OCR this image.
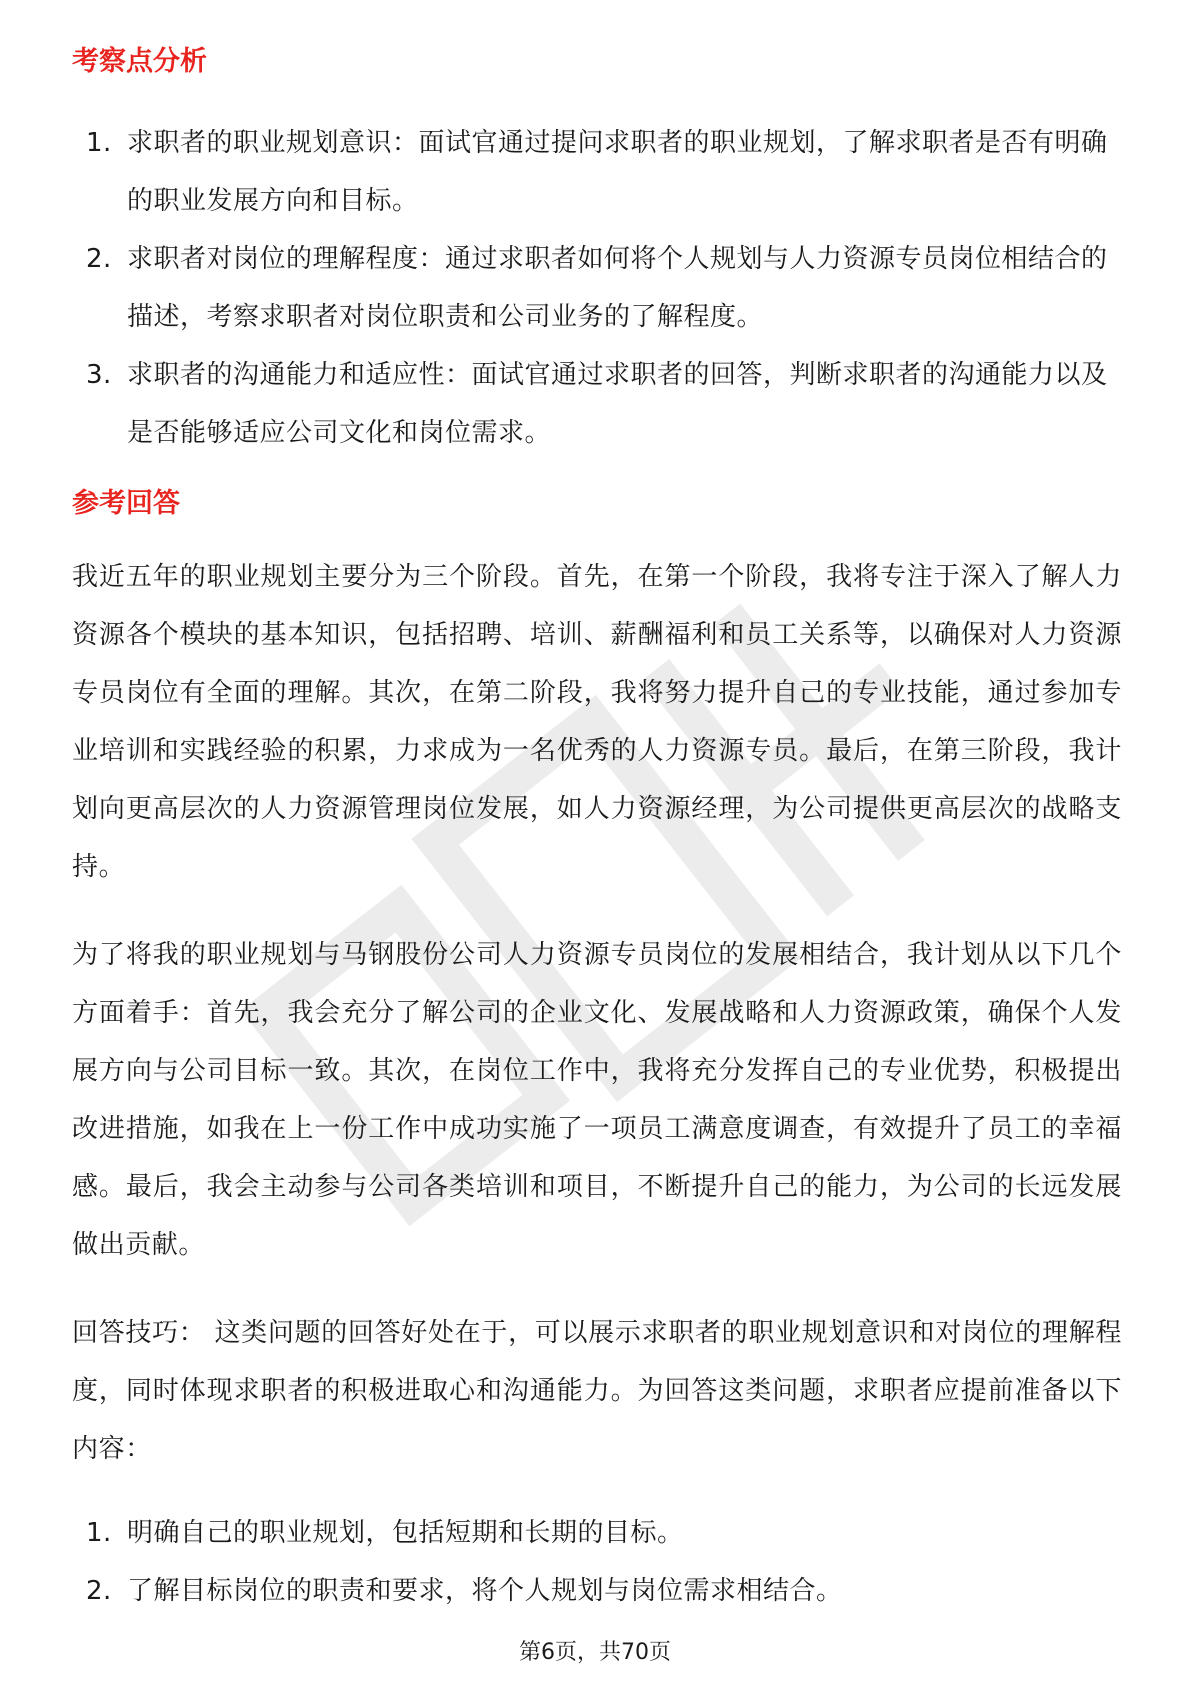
考察点分析
1. 求职者的职业规划意识：面试官通过提问求职者的职业规划，了解求职者是否有明确的职业发展方向和目标。
2. 求职者对岗位的理解程度：通过求职者如何将个人规划与人力资源专员岗位相结合的描述，考察求职者对岗位职责和公司业务的了解程度。
3. 求职者的沟通能力和适应性：面试官通过求职者的回答，判断求职者的沟通能力以及是否能够适应公司文化和岗位需求。
参考回答

我近五年的职业规划主要分为三个阶段。首先，在第一个阶段，我将专注于深入了解人力资源各个模块的基本知识，包括招聘、培训、薪酬福利和员工关系等，以确保对人力资源专员岗位有全面的理解。其次，在第二阶段，我将努力提升自己的专业技能，通过参加专业培训和实践经验的积累，力求成为一名优秀的人力资源专员。最后，在第三阶段，我计划向更高层次的人力资源管理岗位发展，如人力资源经理，为公司提供更高层次的战略支持。

为了将我的职业规划与马钢股份公司人力资源专员岗位的发展相结合，我计划从以下几个方面着手：首先，我会充分了解公司的企业文化、发展战略和人力资源政策，确保个人发展方向与公司目标一致。其次，在岗位工作中，我将充分发挥自己的专业优势，积极提出改进措施，如我在上一份工作中成功实施了一项员工满意度调查，有效提升了员工的幸福感。最后，我会主动参与公司各类培训和项目，不断提升自己的能力，为公司的长远发展做出贡献。

回答技巧： 这类问题的回答好处在于，可以展示求职者的职业规划意识和对岗位的理解程度，同时体现求职者的积极进取心和沟通能力。为回答这类问题，求职者应提前准备以下内容：

1. 明确自己的职业规划，包括短期和长期的目标。
2. 了解目标岗位的职责和要求，将个人规划与岗位需求相结合。
第6页，共70页
